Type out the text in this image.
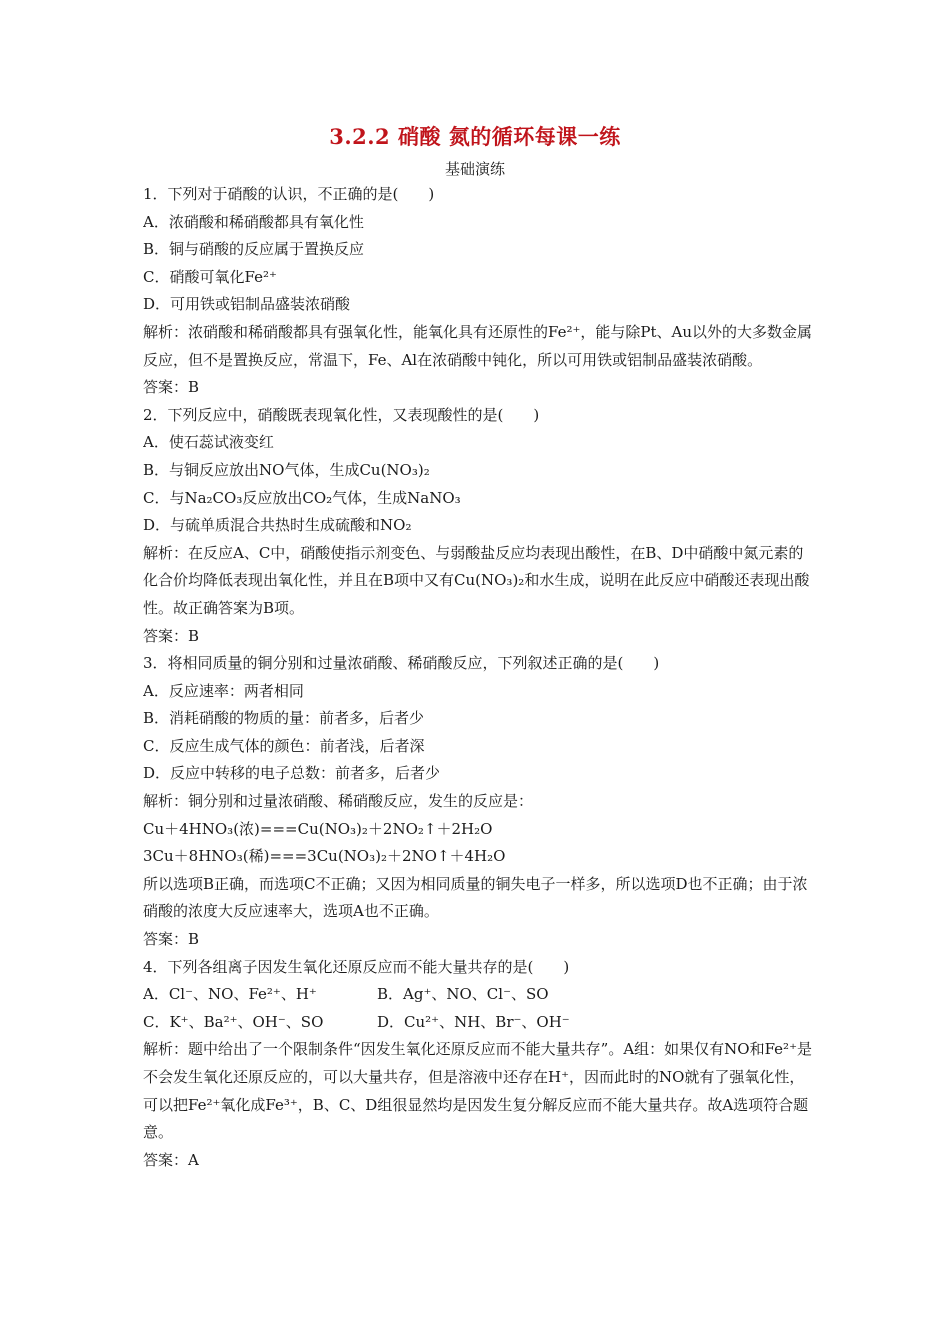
3.2.2 硝酸 氮的循环每课一练
基础演练
1．下列对于硝酸的认识，不正确的是(　　)
A．浓硝酸和稀硝酸都具有氧化性
B．铜与硝酸的反应属于置换反应
C．硝酸可氧化Fe²⁺
D．可用铁或铝制品盛装浓硝酸
解析：浓硝酸和稀硝酸都具有强氧化性，能氧化具有还原性的Fe²⁺，能与除Pt、Au以外的大多数金属反应，但不是置换反应，常温下，Fe、Al在浓硝酸中钝化，所以可用铁或铝制品盛装浓硝酸。
答案：B
2．下列反应中，硝酸既表现氧化性，又表现酸性的是(　　)
A．使石蕊试液变红
B．与铜反应放出NO气体，生成Cu(NO₃)₂
C．与Na₂CO₃反应放出CO₂气体，生成NaNO₃
D．与硫单质混合共热时生成硫酸和NO₂
解析：在反应A、C中，硝酸使指示剂变色、与弱酸盐反应均表现出酸性，在B、D中硝酸中氮元素的化合价均降低表现出氧化性，并且在B项中又有Cu(NO₃)₂和水生成，说明在此反应中硝酸还表现出酸性。故正确答案为B项。
答案：B
3．将相同质量的铜分别和过量浓硝酸、稀硝酸反应，下列叙述正确的是(　　)
A．反应速率：两者相同
B．消耗硝酸的物质的量：前者多，后者少
C．反应生成气体的颜色：前者浅，后者深
D．反应中转移的电子总数：前者多，后者少
解析：铜分别和过量浓硝酸、稀硝酸反应，发生的反应是：
Cu＋4HNO₃(浓)===Cu(NO₃)₂＋2NO₂↑＋2H₂O
3Cu＋8HNO₃(稀)===3Cu(NO₃)₂＋2NO↑＋4H₂O
所以选项B正确，而选项C不正确；又因为相同质量的铜失电子一样多，所以选项D也不正确；由于浓硝酸的浓度大反应速率大，选项A也不正确。
答案：B
4．下列各组离子因发生氧化还原反应而不能大量共存的是(　　)
A．Cl⁻、NO、Fe²⁺、H⁺	B．Ag⁺、NO、Cl⁻、SO
C．K⁺、Ba²⁺、OH⁻、SO	D．Cu²⁺、NH、Br⁻、OH⁻
解析：题中给出了一个限制条件“因发生氧化还原反应而不能大量共存”。A组：如果仅有NO和Fe²⁺是不会发生氧化还原反应的，可以大量共存，但是溶液中还存在H⁺，因而此时的NO就有了强氧化性，可以把Fe²⁺氧化成Fe³⁺，B、C、D组很显然均是因发生复分解反应而不能大量共存。故A选项符合题意。
答案：A
